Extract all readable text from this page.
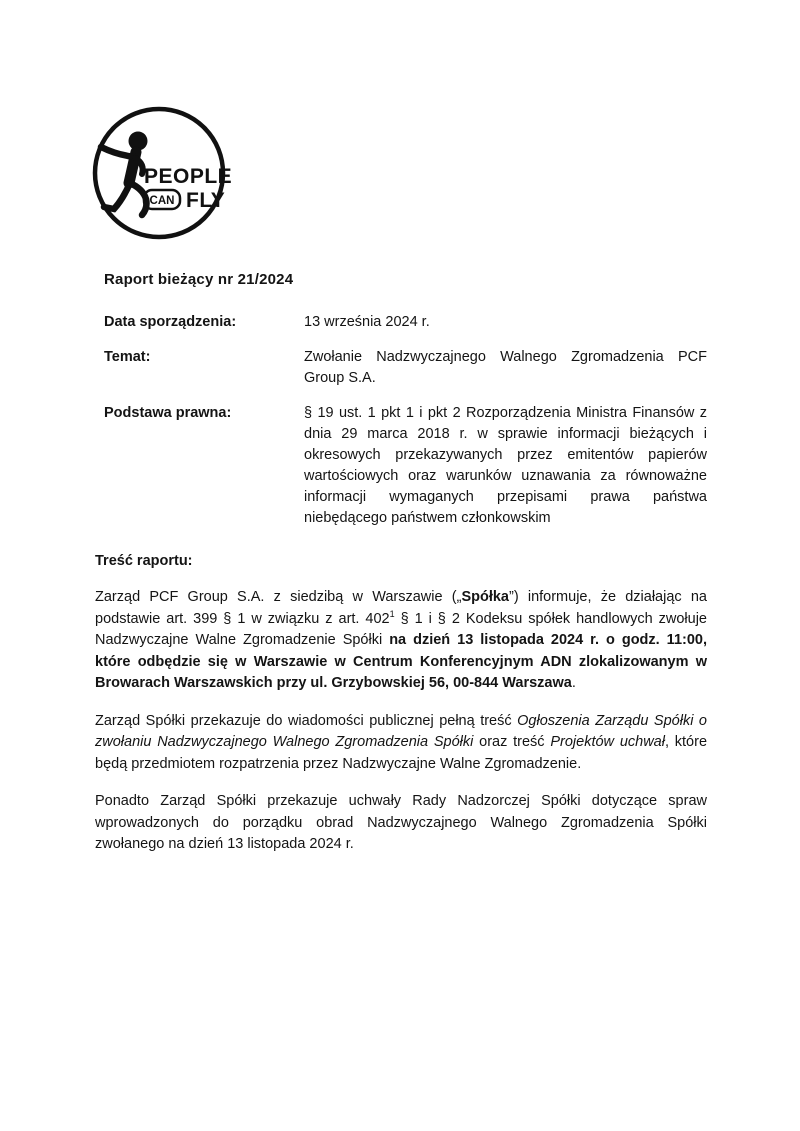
PEOPLE
CAN FLY
Raport bieżący nr 21/2024
Data sporządzenia:	13 września 2024 r.
Temat:	Zwołanie Nadzwyczajnego Walnego Zgromadzenia PCF Group S.A.
Podstawa prawna:	§ 19 ust. 1 pkt 1 i pkt 2 Rozporządzenia Ministra Finansów z dnia 29 marca 2018 r. w sprawie informacji bieżących i okresowych przekazywanych przez emitentów papierów wartościowych oraz warunków uznawania za równoważne informacji wymaganych przepisami prawa państwa niebędącego państwem członkowskim
Treść raportu:

Zarząd PCF Group S.A. z siedzibą w Warszawie („Spółka”) informuje, że działając na podstawie art. 399 § 1 w związku z art. $402^1$ § 1 i § 2 Kodeksu spółek handlowych zwołuje Nadzwyczajne Walne Zgromadzenie Spółki na dzień 13 listopada 2024 r. o godz. 11:00, które odbędzie się w Warszawie w Centrum Konferencyjnym ADN zlokalizowanym w Browarach Warszawskich przy ul. Grzybowskiej 56, 00-844 Warszawa.

Zarząd Spółki przekazuje do wiadomości publicznej pełną treść Ogłoszenia Zarządu Spółki o zwołaniu Nadzwyczajnego Walnego Zgromadzenia Spółki oraz treść Projektów uchwał, które będą przedmiotem rozpatrzenia przez Nadzwyczajne Walne Zgromadzenie.

Ponadto Zarząd Spółki przekazuje uchwały Rady Nadzorczej Spółki dotyczące spraw wprowadzonych do porządku obrad Nadzwyczajnego Walnego Zgromadzenia Spółki zwołanego na dzień 13 listopada 2024 r.
